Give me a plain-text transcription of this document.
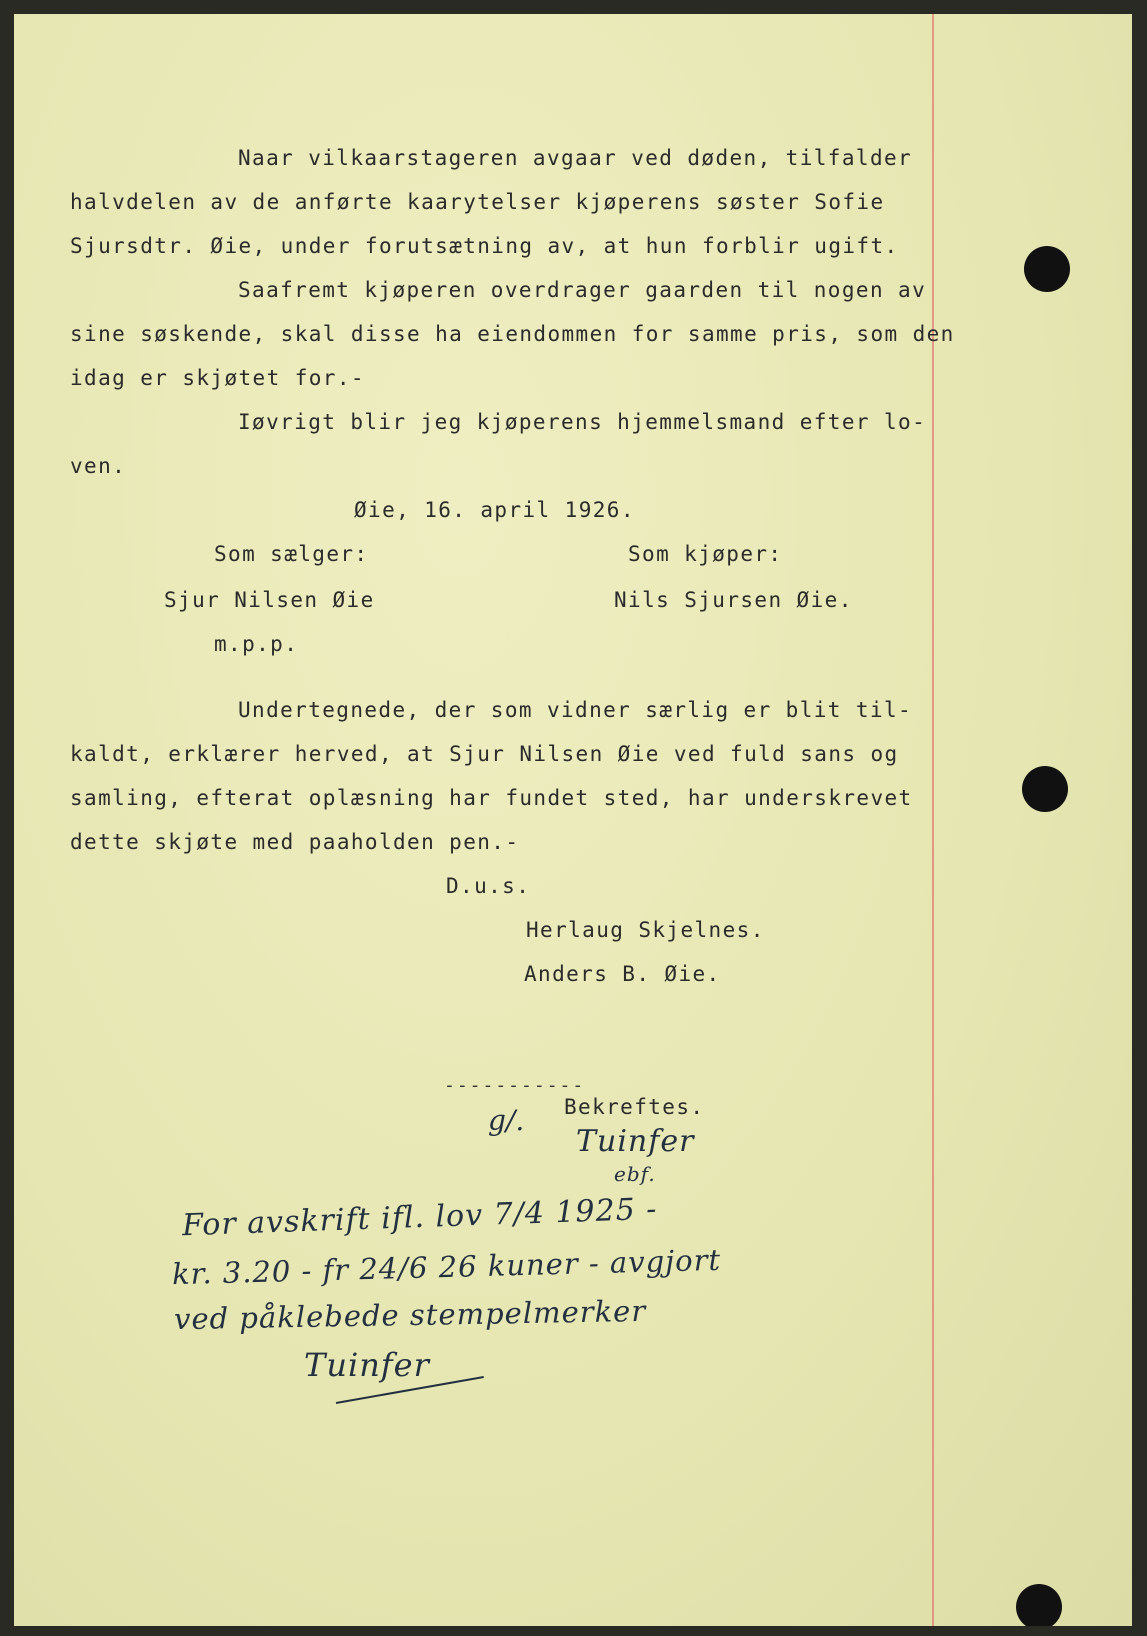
Naar vilkaarstageren avgaar ved døden, tilfalder
halvdelen av de anførte kaarytelser kjøperens søster Sofie
Sjursdtr. Øie, under forutsætning av, at hun forblir ugift.
Saafremt kjøperen overdrager gaarden til nogen av
sine søskende, skal disse ha eiendommen for samme pris, som den
idag er skjøtet for.-
Iøvrigt blir jeg kjøperens hjemmelsmand efter lo-
ven.
Øie, 16. april 1926.
Som sælger:	Som kjøper:
Sjur Nilsen Øie	Nils Sjursen Øie.
m.p.p.
Undertegnede, der som vidner særlig er blit til-
kaldt, erklærer herved, at Sjur Nilsen Øie ved fuld sans og
samling, efterat oplæsning har fundet sted, har underskrevet
dette skjøte med paaholden pen.-
D.u.s.
Herlaug Skjelnes.
Anders B. Øie.
-----------
Bekreftes.
g/.
Tuinfer
ebf.
For avskrift ifl. lov 7/4 1925 -
kr. 3.20 - fr 24/6 26 kuner - avgjort
ved påklebede stempelmerker
Tuinfer
